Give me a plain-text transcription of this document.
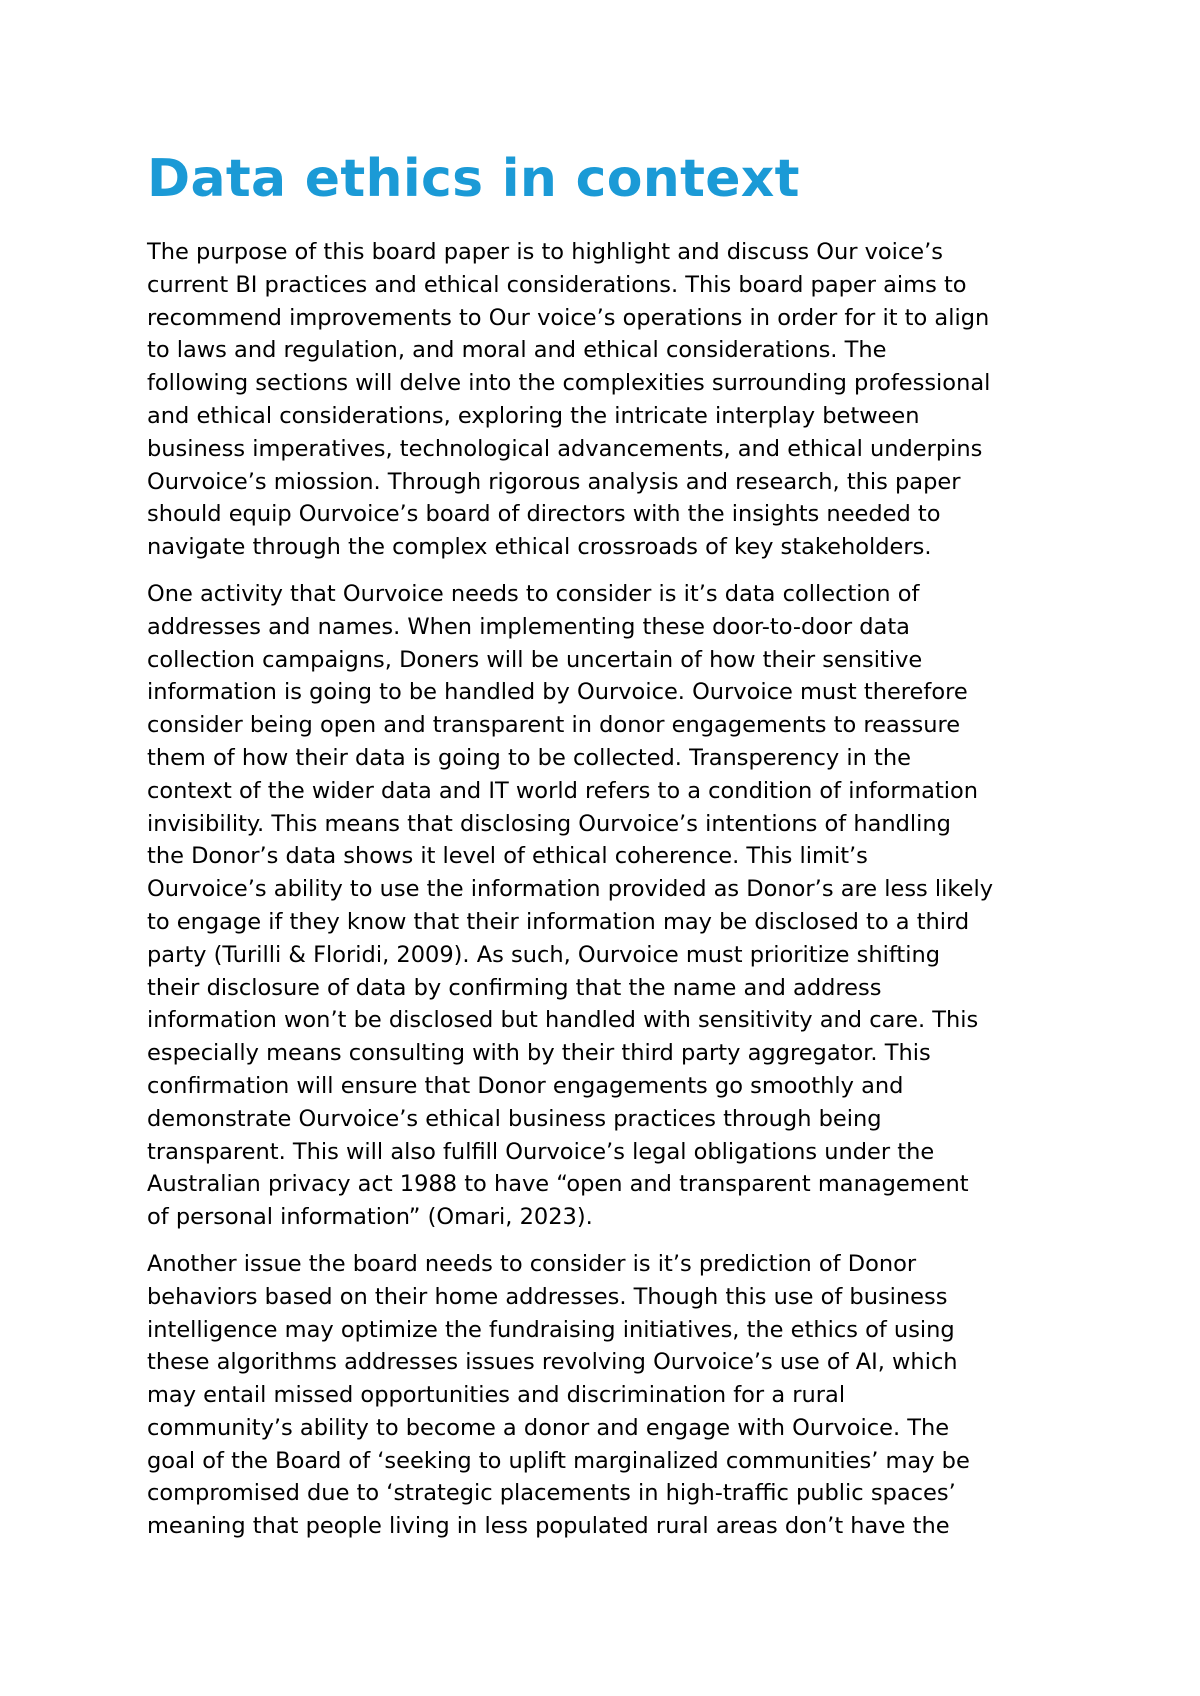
Data ethics in context

The purpose of this board paper is to highlight and discuss Our voice’s
current BI practices and ethical considerations. This board paper aims to
recommend improvements to Our voice’s operations in order for it to align
to laws and regulation, and moral and ethical considerations. The
following sections will delve into the complexities surrounding professional
and ethical considerations, exploring the intricate interplay between
business imperatives, technological advancements, and ethical underpins
Ourvoice’s miossion. Through rigorous analysis and research, this paper
should equip Ourvoice’s board of directors with the insights needed to
navigate through the complex ethical crossroads of key stakeholders.

One activity that Ourvoice needs to consider is it’s data collection of
addresses and names. When implementing these door-to-door data
collection campaigns, Doners will be uncertain of how their sensitive
information is going to be handled by Ourvoice. Ourvoice must therefore
consider being open and transparent in donor engagements to reassure
them of how their data is going to be collected. Transperency in the
context of the wider data and IT world refers to a condition of information
invisibility. This means that disclosing Ourvoice’s intentions of handling
the Donor’s data shows it level of ethical coherence. This limit’s
Ourvoice’s ability to use the information provided as Donor’s are less likely
to engage if they know that their information may be disclosed to a third
party (Turilli & Floridi, 2009). As such, Ourvoice must prioritize shifting
their disclosure of data by confirming that the name and address
information won’t be disclosed but handled with sensitivity and care. This
especially means consulting with by their third party aggregator. This
confirmation will ensure that Donor engagements go smoothly and
demonstrate Ourvoice’s ethical business practices through being
transparent. This will also fulfill Ourvoice’s legal obligations under the
Australian privacy act 1988 to have “open and transparent management
of personal information” (Omari, 2023).

Another issue the board needs to consider is it’s prediction of Donor
behaviors based on their home addresses. Though this use of business
intelligence may optimize the fundraising initiatives, the ethics of using
these algorithms addresses issues revolving Ourvoice’s use of AI, which
may entail missed opportunities and discrimination for a rural
community’s ability to become a donor and engage with Ourvoice. The
goal of the Board of ‘seeking to uplift marginalized communities’ may be
compromised due to ‘strategic placements in high-traffic public spaces’
meaning that people living in less populated rural areas don’t have the
